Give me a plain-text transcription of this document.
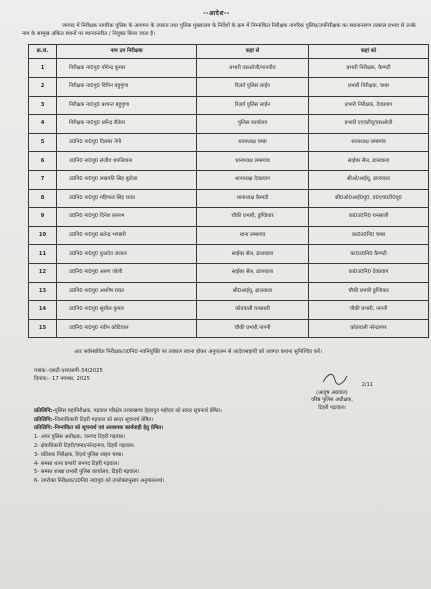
--आदेश--
जनपद में निरीक्षक नागरिक पुलिस के आगमन के उपरांत तथा पुलिस मुख्यालय के निर्देशों के क्रम में निम्नांकित निरीक्षक नागरिक पुलिस/उपनिरीक्षक का स्थानान्तरण तत्काल प्रभाव से उनके नाम के सम्मुख अंकित स्थानों पर स्थानान्तरित / नियुक्त किया जाता है।
क्र.सं.	नाम उप निरीक्षक	कहां से	कहां को
1	निरीक्षक ना0पु0 योगेन्द्र कुमार	प्रभारी एसओजी/मानवीय	प्रभारी निरीक्षक, कैम्पटी
2	निरीक्षक ना0पु0 विपिन बहुगुणा	रिज़र्व पुलिस लाईन	प्रभारी निरीक्षक, चम्बा
3	निरीक्षक ना0पु0 प्रशान्त बहुगुणा	रिज़र्व पुलिस लाईन	प्रभारी निरीक्षक, देवप्रयाग
4	निरीक्षक ना0पु0 धर्मेन्द्र रौतेला	पुलिस कार्यालय	प्रभारी एएचटीयू/एसओजी
5	उ0नि0 ना0पु0 दिलबर नेगी	थानाध्यक्ष चम्बा	थानाध्यक्ष लम्बगांव
6	उ0नि0 ना0पु0 संजीव थपलियाल	थानाध्यक्ष लम्बगांव	साईबर सैल, ढालवाला
7	उ0नि0 ना0पु0 लखपति सिंह बुटोला	थानाध्यक्ष देवप्रयाग	सीओ/आईयू, ढालवाला
8	उ0नि0 ना0पु0 महिपाल सिंह रावत	थानाध्यक्ष कैम्पटी	सी0ओ0आई0यू0, ए0एच0टी0यू0
9	उ0नि0 ना0पु0 दिनेश बल्लभ	चौकी प्रभारी, डुण्डियार	का0उ0नि0 घनसाली
10	उ0नि0 ना0पु0 सतेन्द्र भण्डारी	थाना लम्बगांव	का0उ0नि0 चम्बा
11	उ0नि0 ना0पु0 कुलदेव जलाल	साईबर सैल, ढालवाला	का0उ0नि0 कैम्पटी
12	उ0नि0 ना0पु0 अरुण जोशी	साईबर सैल, ढालवाला	का0उ0नि0 देवप्रयाग
13	उ0नि0 ना0पु0 आशीष रावत	सी0आईयू, ढालवाला	चौकी प्रभारी डुण्डियार
14	उ0नि0 ना0पु0 सुशील कुमार	कोतवाली घनसाली	चौकी प्रभारी, नागनी
15	उ0नि0 ना0पु0 नवीन कोटियाल	चौकी प्रभारी,नागनी	कोतवाली नरेन्द्रनगर
अतः सर्वसंबंधित निरीक्षक/उ0नि0 नवनियुक्ति पर तत्काल रवाना होकर अनुपालन से आदेशसहायी को अवगत कराना सुनिश्चित करें।
पत्रांक:-एसटी-एसएसपी-34/2025
दिनांक:- 17 नवम्बर, 2025
2/11
(आयुष अग्रवाल)
वरिष्ठ पुलिस अधीक्षक,
टिहरी गढ़वाल।
प्रतिलिपि:-पुलिस महानिरीक्षक, गढ़वाल परिक्षेत्र उत्तराखण्ड देहरादून महोदय को सादर सूचनार्थ प्रेषित।
प्रतिलिपि:-जिलाधिकारी टिहरी गढ़वाल को सादर सूचनार्थ प्रेषित।
प्रतिलिपि:-निम्नांकित को सूचनार्थ एवं आवश्यक कार्यवाही हेतु प्रेषित।
1- अपर पुलिस अधीक्षक, जनपद टिहरी गढ़वाल।
2- क्षेत्राधिकारी टिहरी/चम्बा/नरेन्द्रनगर, टिहरी गढ़वाल।
3- प्रतिसार निरीक्षक, रिज़र्व पुलिस लाइन चम्बा।
4- समस्त थाना प्रभारी जनपद टिहरी गढ़वाल।
5- समस्त शाखा प्रभारी पुलिस कार्यालय, टिहरी गढ़वाल।
6- उपरोक्त निरीक्षक/उ0नि0 ना0पु0 को उपरोक्तानुसार अनुपालनार्थ।
